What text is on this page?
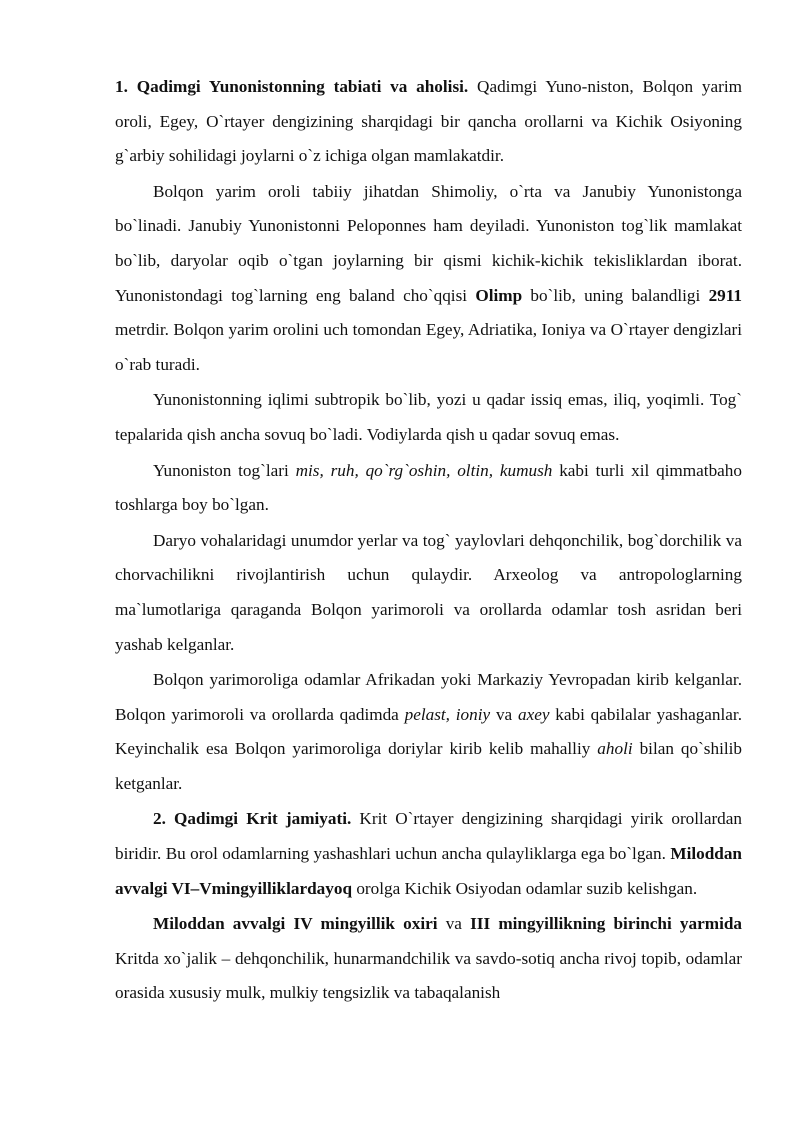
1. Qadimgi Yunonistonning tabiati va aholisi. Qadimgi Yuno-niston, Bolqon yarim oroli, Egey, O`rtayer dengizining sharqidagi bir qancha orollarni va Kichik Osiyoning g`arbiy sohilidagi joylarni o`z ichiga olgan mamlakatdir.

Bolqon yarim oroli tabiiy jihatdan Shimoliy, o`rta va Janubiy Yunonistonga bo`linadi. Janubiy Yunonistonni Peloponnes ham deyiladi. Yunoniston tog`lik mamlakat bo`lib, daryolar oqib o`tgan joylarning bir qismi kichik-kichik tekisliklardan iborat. Yunonistondagi tog`larning eng baland cho`qqisi Olimp bo`lib, uning balandligi 2911 metrdir. Bolqon yarim orolini uch tomondan Egey, Adriatika, Ioniya va O`rtayer dengizlari o`rab turadi.

Yunonistonning iqlimi subtropik bo`lib, yozi u qadar issiq emas, iliq, yoqimli. Tog` tepalarida qish ancha sovuq bo`ladi. Vodiylarda qish u qadar sovuq emas.

Yunoniston tog`lari mis, ruh, qo`rg`oshin, oltin, kumush kabi turli xil qimmatbaho toshlarga boy bo`lgan.

Daryo vohalaridagi unumdor yerlar va tog` yaylovlari dehqonchilik, bog`dorchilik va chorvachilikni rivojlantirish uchun qulaydir. Arxeolog va antropologlarning ma`lumotlariga qaraganda Bolqon yarimoroli va orollarda odamlar tosh asridan beri yashab kelganlar.

Bolqon yarimoroliga odamlar Afrikadan yoki Markaziy Yevropadan kirib kelganlar. Bolqon yarimoroli va orollarda qadimda pelast, ioniy va axey kabi qabilalar yashaganlar. Keyinchalik esa Bolqon yarimoroliga doriylar kirib kelib mahalliy aholi bilan qo`shilib ketganlar.

2. Qadimgi Krit jamiyati. Krit O`rtayer dengizining sharqidagi yirik orollardan biridir. Bu orol odamlarning yashashlari uchun ancha qulayliklarga ega bo`lgan. Miloddan avvalgi VI–Vmingyilliklardayoq orolga Kichik Osiyodan odamlar suzib kelishgan.

Miloddan avvalgi IV mingyillik oxiri va III mingyillikning birinchi yarmida Kritda xo`jalik – dehqonchilik, hunarmandchilik va savdo-sotiq ancha rivoj topib, odamlar orasida xususiy mulk, mulkiy tengsizlik va tabaqalanish
